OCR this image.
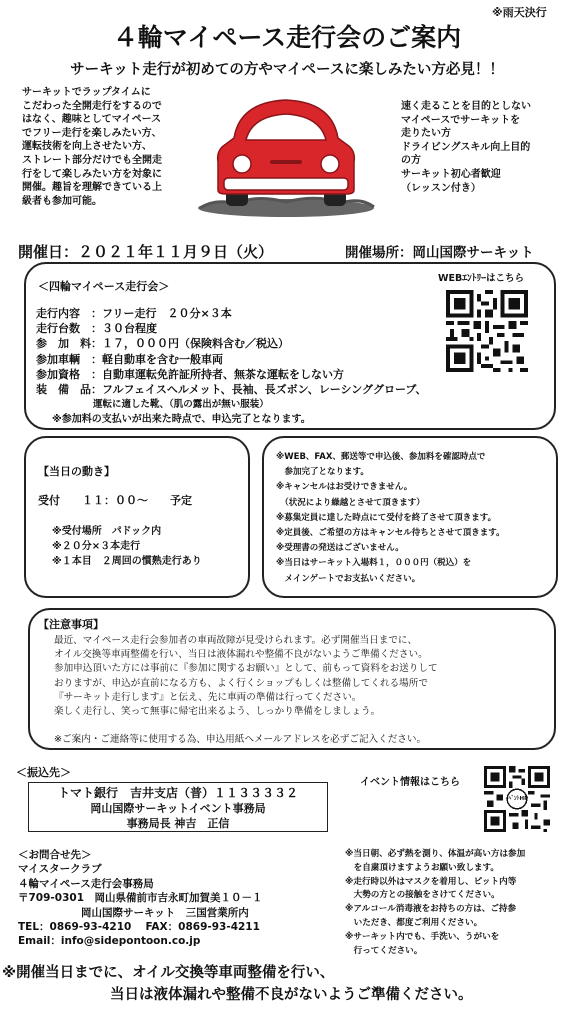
※雨天決行
４輪マイペース走行会のご案内
サーキット走行が初めての方やマイペースに楽しみたい方必見！！
サーキットでラップタイムに
こだわった全開走行をするので
はなく、趣味としてマイペース
でフリー走行を楽しみたい方、
運転技術を向上させたい方、
ストレート部分だけでも全開走
行をして楽しみたい方を対象に
開催。趣旨を理解できている上
級者も参加可能。
速く走ることを目的としない
マイペースでサーキットを
走りたい方
ドライビングスキル向上目的
の方
サーキット初心者歓迎
（レッスン付き）
開催日：２０２１年１１月９日（火）	開催場所：岡山国際サーキット
＜四輪マイペース走行会＞
WEBｴﾝﾄﾘｰはこちら
走行内容　：フリー走行　２０分×３本
走行台数　：３０台程度
参　加　料：１７，０００円（保険料含む／税込）
参加車輌　：軽自動車を含む一般車両
参加資格　：自動車運転免許証所持者、無茶な運転をしない方
装　備　品：フルフェイスヘルメット、長袖、長ズボン、レーシンググローブ、
　　　　　　運転に適した靴、（肌の露出が無い服装）
※参加料の支払いが出来た時点で、申込完了となります。
【当日の動き】
受付　　１１：００～　　予定
※受付場所　パドック内
※２０分×３本走行
※１本目　２周回の慣熟走行あり
※WEB、FAX、郵送等で申込後、参加料を確認時点で
　参加完了となります。
※キャンセルはお受けできません。
　（状況により繰越とさせて頂きます）
※募集定員に達した時点にて受付を終了させて頂きます。
※定員後、ご希望の方はキャンセル待ちとさせて頂きます。
※受理書の発送はございません。
※当日はサーキット入場料１，０００円（税込）を
　メインゲートでお支払いください。
【注意事項】
最近、マイペース走行会参加者の車両故障が見受けられます。必ず開催当日までに、
オイル交換等車両整備を行い、当日は液体漏れや整備不良がないようご準備ください。
参加申込頂いた方には事前に『参加に関するお願い』として、前もって資料をお送りして
おりますが、申込が直前になる方も、よく行くショップもしくは整備してくれる場所で
『サーキット走行します』と伝え、先に車両の準備は行ってください。
楽しく走行し、笑って無事に帰宅出来るよう、しっかり準備をしましょう。
※ご案内・ご連絡等に使用する為、申込用紙へメールアドレスを必ずご記入ください。
＜振込先＞
トマト銀行　吉井支店（普）１１３３３３２
岡山国際サーキットイベント事務局
事務局長 神吉　正信
イベント情報はこちら
ｲﾍﾞﾝﾄHP
＜お問合せ先＞
マイスタークラブ
４輪マイペース走行会事務局
〒709-0301　岡山県備前市吉永町加賀美１０－１
　　　　　　岡山国際サーキット　三国営業所内
TEL：0869-93-4210　 FAX：0869-93-4211
Email：info@sidepontoon.co.jp
※当日朝、必ず熱を測り、体温が高い方は参加
　を自粛頂けますようお願い致します。
※走行時以外はマスクを着用し、ピット内等
　大勢の方との接触をさけてください。
※アルコール消毒液をお持ちの方は、ご持参
　いただき、都度ご利用ください。
※サーキット内でも、手洗い、うがいを
　行ってください。
※開催当日までに、オイル交換等車両整備を行い、
当日は液体漏れや整備不良がないようご準備ください。
